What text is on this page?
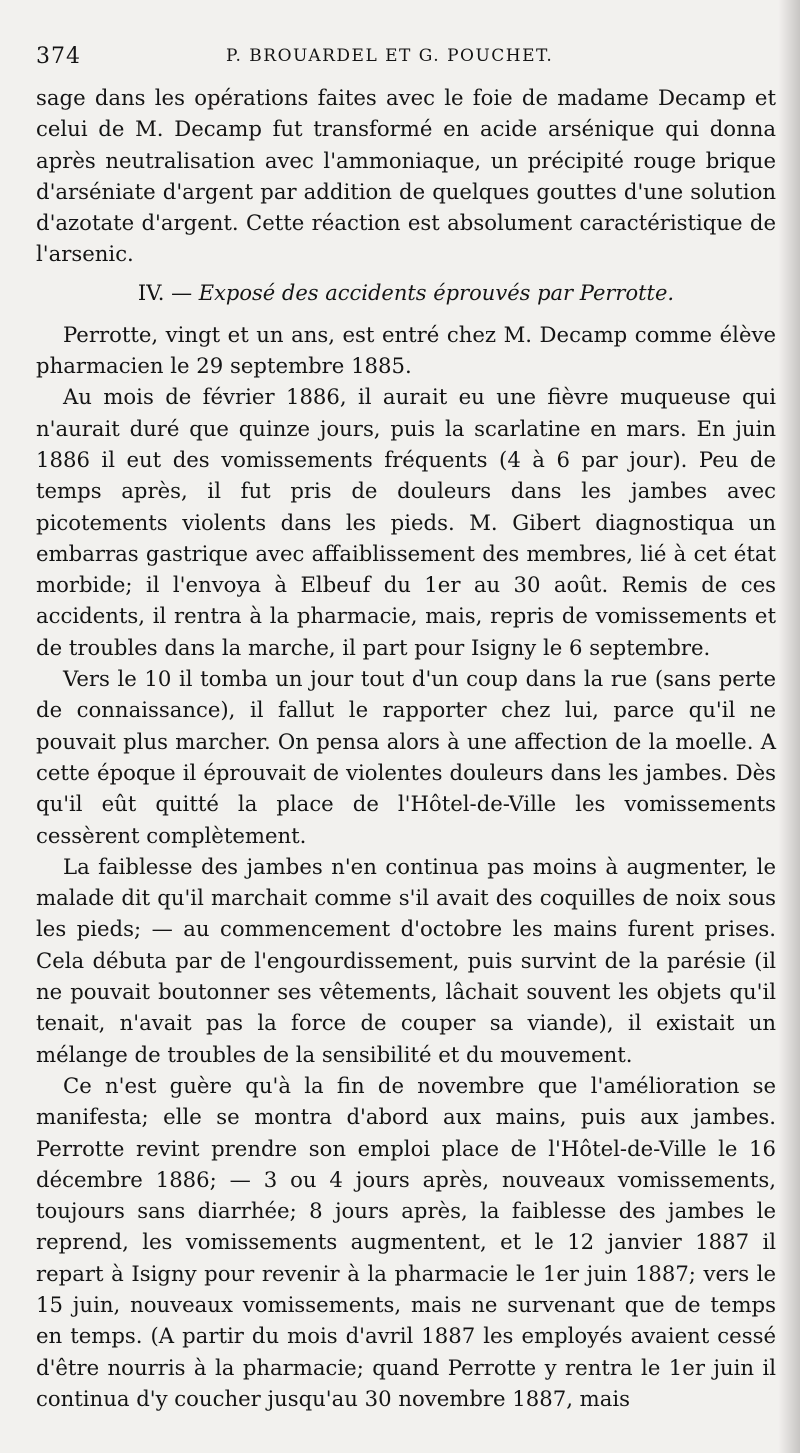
374	P. BROUARDEL ET G. POUCHET.

sage dans les opérations faites avec le foie de madame Decamp et celui de M. Decamp fut transformé en acide arsénique qui donna après neutralisation avec l'ammoniaque, un précipité rouge brique d'arséniate d'argent par addition de quelques gouttes d'une solution d'azotate d'argent. Cette réaction est absolument caractéristique de l'arsenic.

IV. — Exposé des accidents éprouvés par Perrotte.

Perrotte, vingt et un ans, est entré chez M. Decamp comme élève pharmacien le 29 septembre 1885.

Au mois de février 1886, il aurait eu une fièvre muqueuse qui n'aurait duré que quinze jours, puis la scarlatine en mars. En juin 1886 il eut des vomissements fréquents (4 à 6 par jour). Peu de temps après, il fut pris de douleurs dans les jambes avec picotements violents dans les pieds. M. Gibert diagnostiqua un embarras gastrique avec affaiblissement des membres, lié à cet état morbide; il l'envoya à Elbeuf du 1er au 30 août. Remis de ces accidents, il rentra à la pharmacie, mais, repris de vomissements et de troubles dans la marche, il part pour Isigny le 6 septembre.

Vers le 10 il tomba un jour tout d'un coup dans la rue (sans perte de connaissance), il fallut le rapporter chez lui, parce qu'il ne pouvait plus marcher. On pensa alors à une affection de la moelle. A cette époque il éprouvait de violentes douleurs dans les jambes. Dès qu'il eût quitté la place de l'Hôtel-de-Ville les vomissements cessèrent complètement.

La faiblesse des jambes n'en continua pas moins à augmenter, le malade dit qu'il marchait comme s'il avait des coquilles de noix sous les pieds; — au commencement d'octobre les mains furent prises. Cela débuta par de l'engourdissement, puis survint de la parésie (il ne pouvait boutonner ses vêtements, lâchait souvent les objets qu'il tenait, n'avait pas la force de couper sa viande), il existait un mélange de troubles de la sensibilité et du mouvement.

Ce n'est guère qu'à la fin de novembre que l'amélioration se manifesta; elle se montra d'abord aux mains, puis aux jambes. Perrotte revint prendre son emploi place de l'Hôtel-de-Ville le 16 décembre 1886; — 3 ou 4 jours après, nouveaux vomissements, toujours sans diarrhée; 8 jours après, la faiblesse des jambes le reprend, les vomissements augmentent, et le 12 janvier 1887 il repart à Isigny pour revenir à la pharmacie le 1er juin 1887; vers le 15 juin, nouveaux vomissements, mais ne survenant que de temps en temps. (A partir du mois d'avril 1887 les employés avaient cessé d'être nourris à la pharmacie; quand Perrotte y rentra le 1er juin il continua d'y coucher jusqu'au 30 novembre 1887, mais
